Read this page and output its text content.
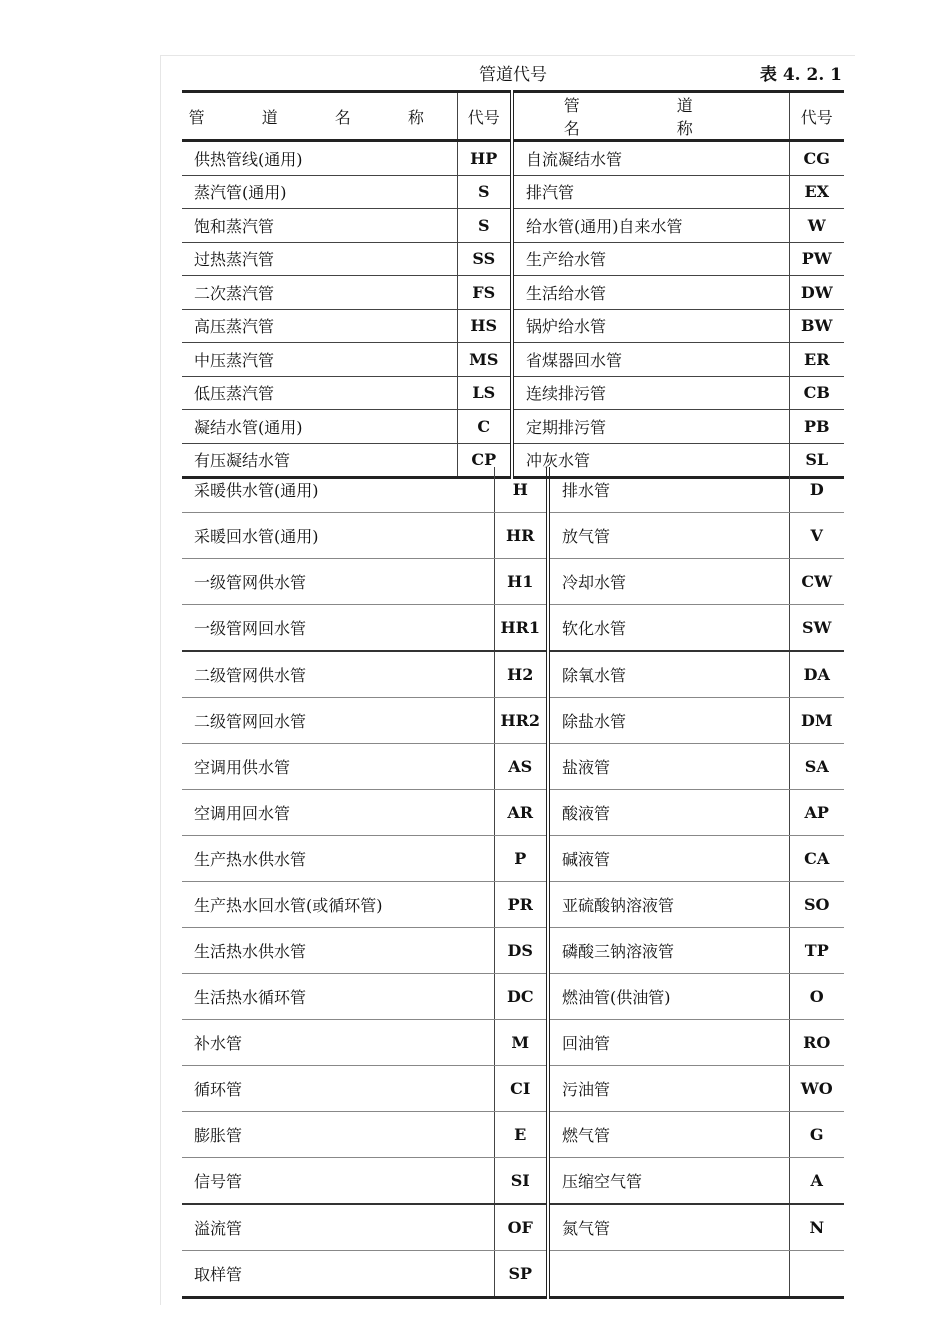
管道代号	表 4. 2. 1
管 道 名 称	代号	管 道 名 称	代号
供热管线(通用)	HP	自流凝结水管	CG
蒸汽管(通用)	S	排汽管	EX
饱和蒸汽管	S	给水管(通用)自来水管	W
过热蒸汽管	SS	生产给水管	PW
二次蒸汽管	FS	生活给水管	DW
高压蒸汽管	HS	锅炉给水管	BW
中压蒸汽管	MS	省煤器回水管	ER
低压蒸汽管	LS	连续排污管	CB
凝结水管(通用)	C	定期排污管	PB
有压凝结水管	CP	冲灰水管	SL
采暖供水管(通用)	H	排水管	D
采暖回水管(通用)	HR	放气管	V
一级管网供水管	H1	冷却水管	CW
一级管网回水管	HR1	软化水管	SW
二级管网供水管	H2	除氧水管	DA
二级管网回水管	HR2	除盐水管	DM
空调用供水管	AS	盐液管	SA
空调用回水管	AR	酸液管	AP
生产热水供水管	P	碱液管	CA
生产热水回水管(或循环管)	PR	亚硫酸钠溶液管	SO
生活热水供水管	DS	磷酸三钠溶液管	TP
生活热水循环管	DC	燃油管(供油管)	O
补水管	M	回油管	RO
循环管	CI	污油管	WO
膨胀管	E	燃气管	G
信号管	SI	压缩空气管	A
溢流管	OF	氮气管	N
取样管	SP		
